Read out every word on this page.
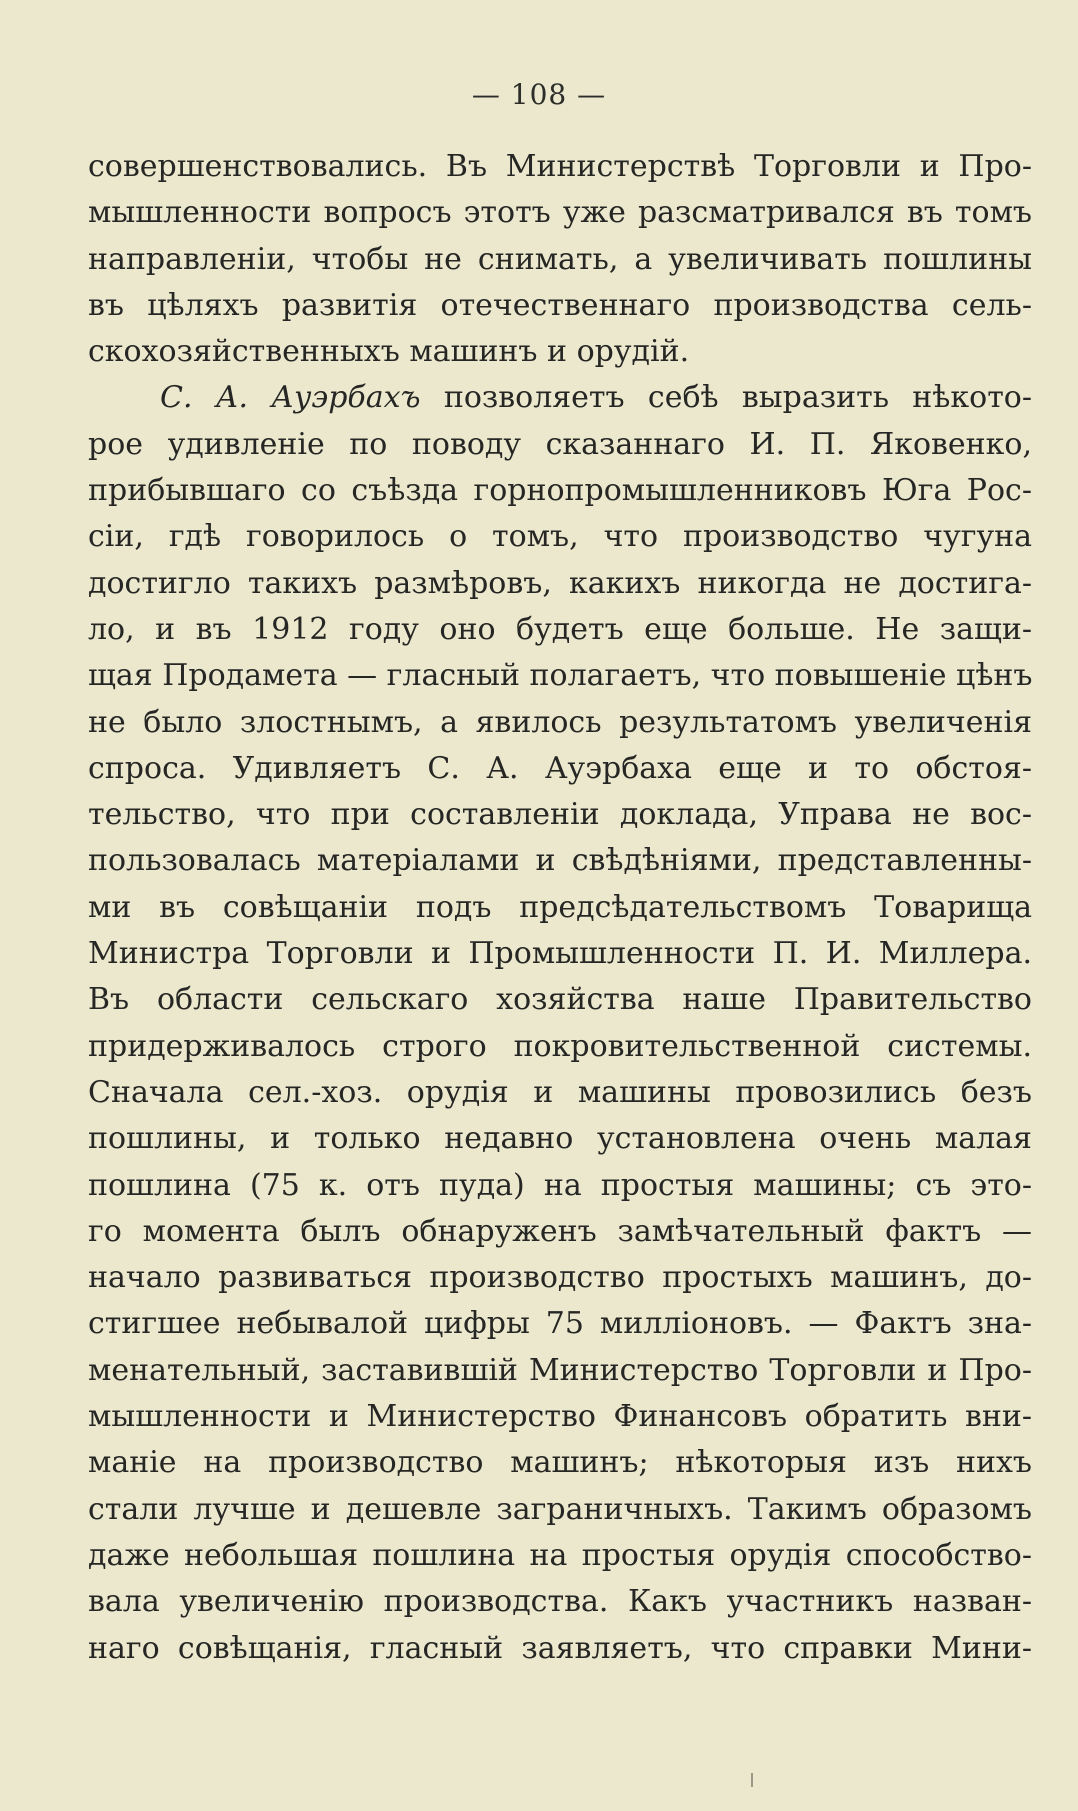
— 108 —
совершенствовались. Въ Министерствѣ Торговли и Про-
мышленности вопросъ этотъ уже разсматривался въ томъ
направленіи, чтобы не снимать, а увеличивать пошлины
въ цѣляхъ развитія отечественнаго производства сель-
скохозяйственныхъ машинъ и орудій.
С. А. Ауэрбахъ позволяетъ себѣ выразить нѣкото-
рое удивленіе по поводу сказаннаго И. П. Яковенко,
прибывшаго со съѣзда горнопромышленниковъ Юга Рос-
сіи, гдѣ говорилось о томъ, что производство чугуна
достигло такихъ размѣровъ, какихъ никогда не достига-
ло, и въ 1912 году оно будетъ еще больше. Не защи-
щая Продамета — гласный полагаетъ, что повышеніе цѣнъ
не было злостнымъ, а явилось результатомъ увеличенія
спроса. Удивляетъ С. А. Ауэрбаха еще и то обстоя-
тельство, что при составленіи доклада, Управа не вос-
пользовалась матеріалами и свѣдѣніями, представленны-
ми въ совѣщаніи подъ предсѣдательствомъ Товарища
Министра Торговли и Промышленности П. И. Миллера.
Въ области сельскаго хозяйства наше Правительство
придерживалось строго покровительственной системы.
Сначала сел.-хоз. орудія и машины провозились безъ
пошлины, и только недавно установлена очень малая
пошлина (75 к. отъ пуда) на простыя машины; съ это-
го момента былъ обнаруженъ замѣчательный фактъ —
начало развиваться производство простыхъ машинъ, до-
стигшее небывалой цифры 75 милліоновъ. — Фактъ зна-
менательный, заставившій Министерство Торговли и Про-
мышленности и Министерство Финансовъ обратить вни-
маніе на производство машинъ; нѣкоторыя изъ нихъ
стали лучше и дешевле заграничныхъ. Такимъ образомъ
даже небольшая пошлина на простыя орудія способство-
вала увеличенію производства. Какъ участникъ назван-
наго совѣщанія, гласный заявляетъ, что справки Мини-
